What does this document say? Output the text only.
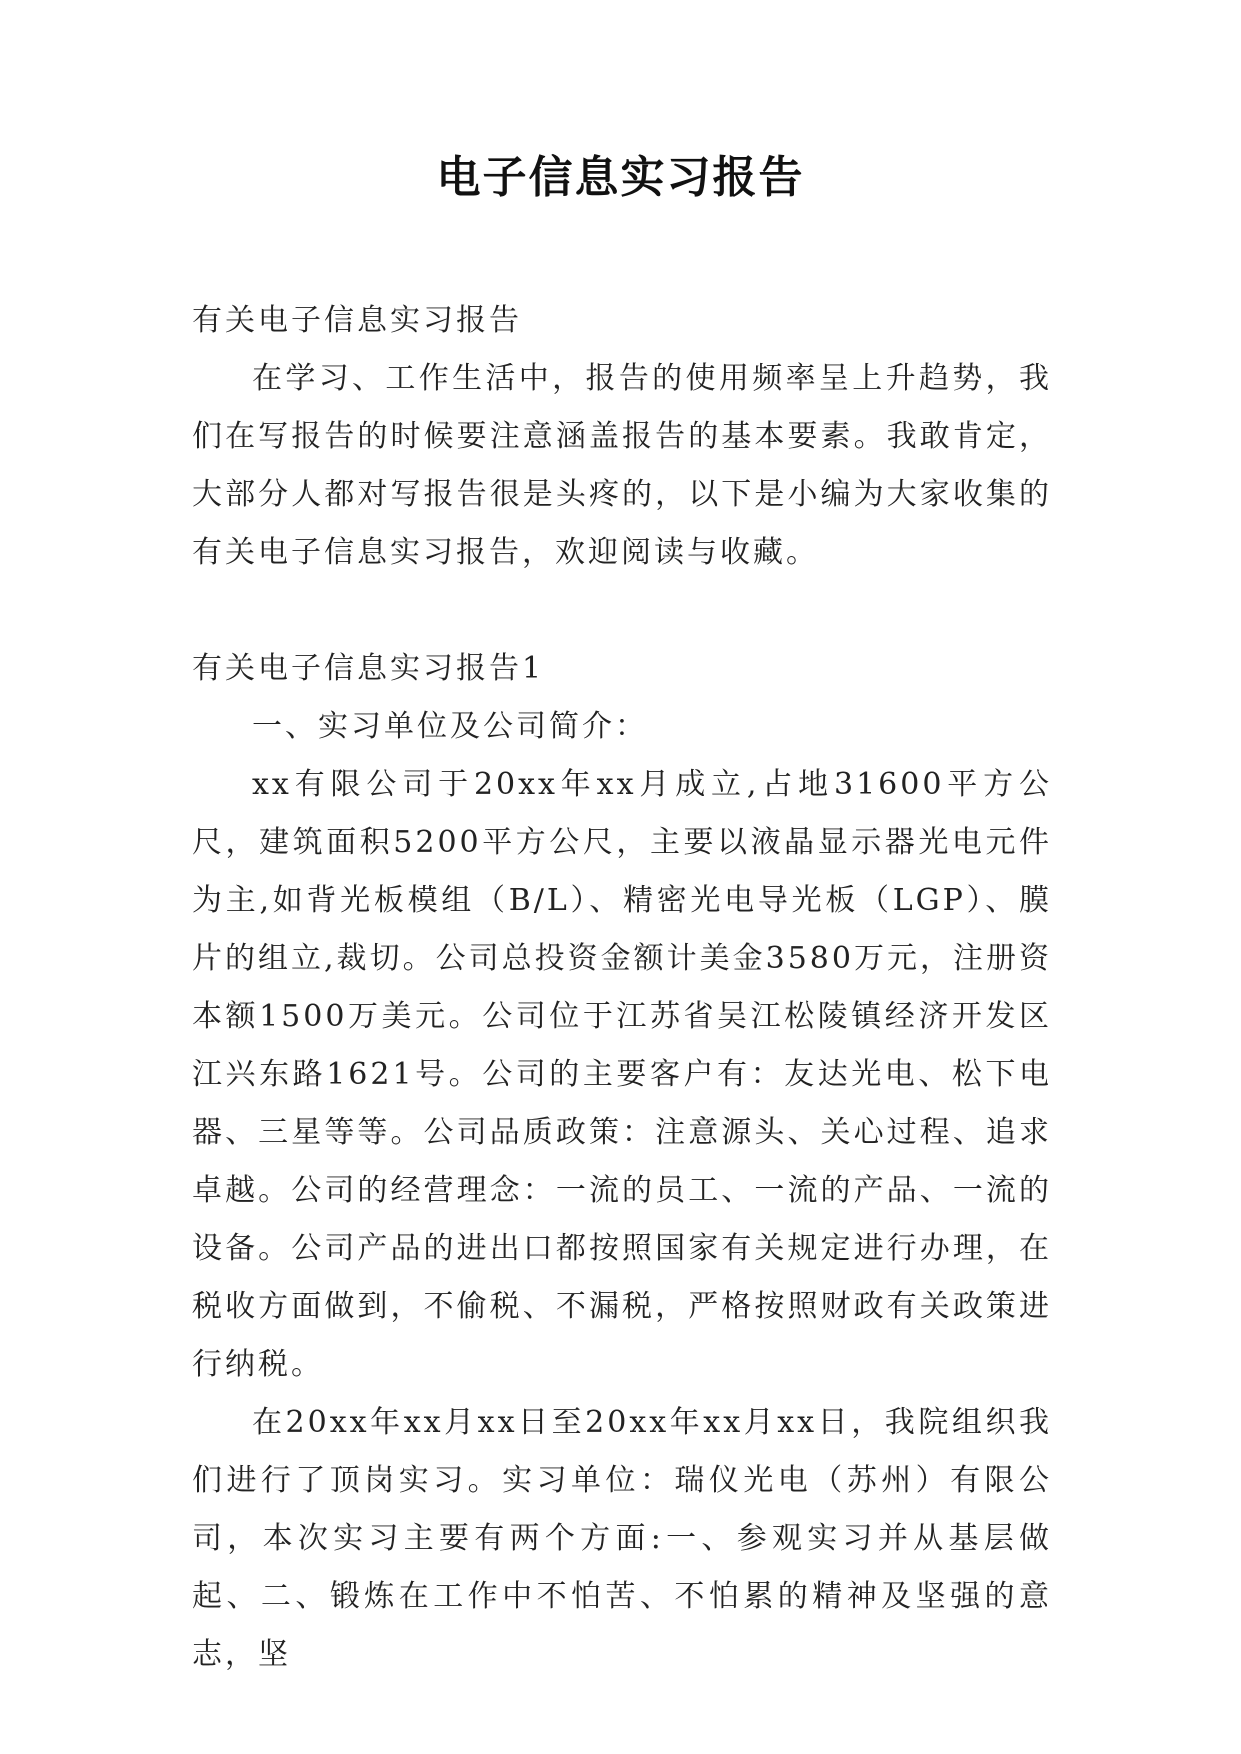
电子信息实习报告

有关电子信息实习报告

在学习、工作生活中，报告的使用频率呈上升趋势，我们在写报告的时候要注意涵盖报告的基本要素。我敢肯定，大部分人都对写报告很是头疼的，以下是小编为大家收集的有关电子信息实习报告，欢迎阅读与收藏。

有关电子信息实习报告1

一、实习单位及公司简介：

xx有限公司于20xx年xx月成立,占地31600平方公尺，建筑面积5200平方公尺，主要以液晶显示器光电元件为主,如背光板模组（B/L）、精密光电导光板（LGP）、膜片的组立,裁切。公司总投资金额计美金3580万元，注册资本额1500万美元。公司位于江苏省吴江松陵镇经济开发区江兴东路1621号。公司的主要客户有：友达光电、松下电器、三星等等。公司品质政策：注意源头、关心过程、追求卓越。公司的经营理念：一流的员工、一流的产品、一流的设备。公司产品的进出口都按照国家有关规定进行办理，在税收方面做到，不偷税、不漏税，严格按照财政有关政策进行纳税。

在20xx年xx月xx日至20xx年xx月xx日，我院组织我们进行了顶岗实习。实习单位：瑞仪光电（苏州）有限公司，本次实习主要有两个方面:一、参观实习并从基层做起、二、锻炼在工作中不怕苦、不怕累的精神及坚强的意志，坚
